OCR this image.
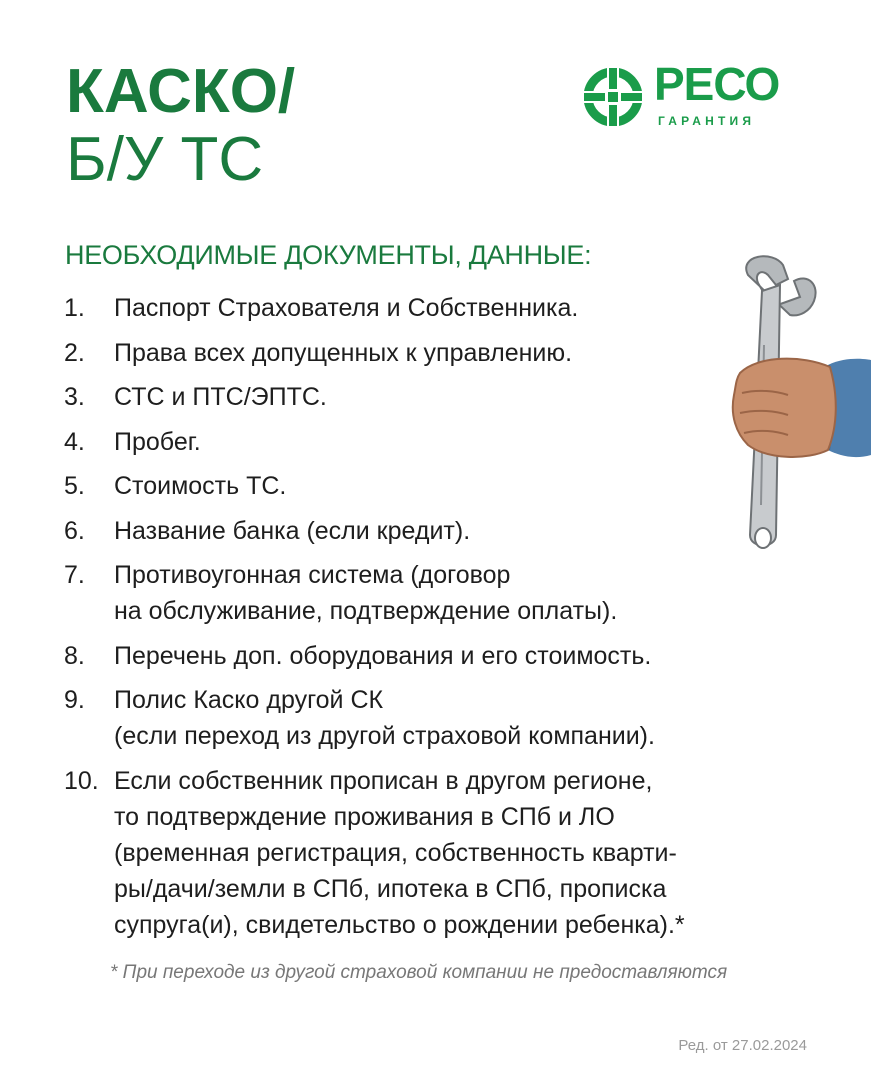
КАСКО/
Б/У ТС
РЕСО
ГАРАНТИЯ
НЕОБХОДИМЫЕ ДОКУМЕНТЫ, ДАННЫЕ:
1. Паспорт Страхователя и Собственника.
2. Права всех допущенных к управлению.
3. СТС и ПТС/ЭПТС.
4. Пробег.
5. Стоимость ТС.
6. Название банка (если кредит).
7. Противоугонная система (договор
на обслуживание, подтверждение оплаты).
8. Перечень доп. оборудования и его стоимость.
9. Полис Каско другой СК
(если переход из другой страховой компании).
10. Если собственник прописан в другом регионе,
то подтверждение проживания в СПб и ЛО
(временная регистрация, собственность кварти-
ры/дачи/земли в СПб, ипотека в СПб, прописка
супруга(и), свидетельство о рождении ребенка).*
* При переходе из другой страховой компании не предоставляются
Ред. от 27.02.2024
